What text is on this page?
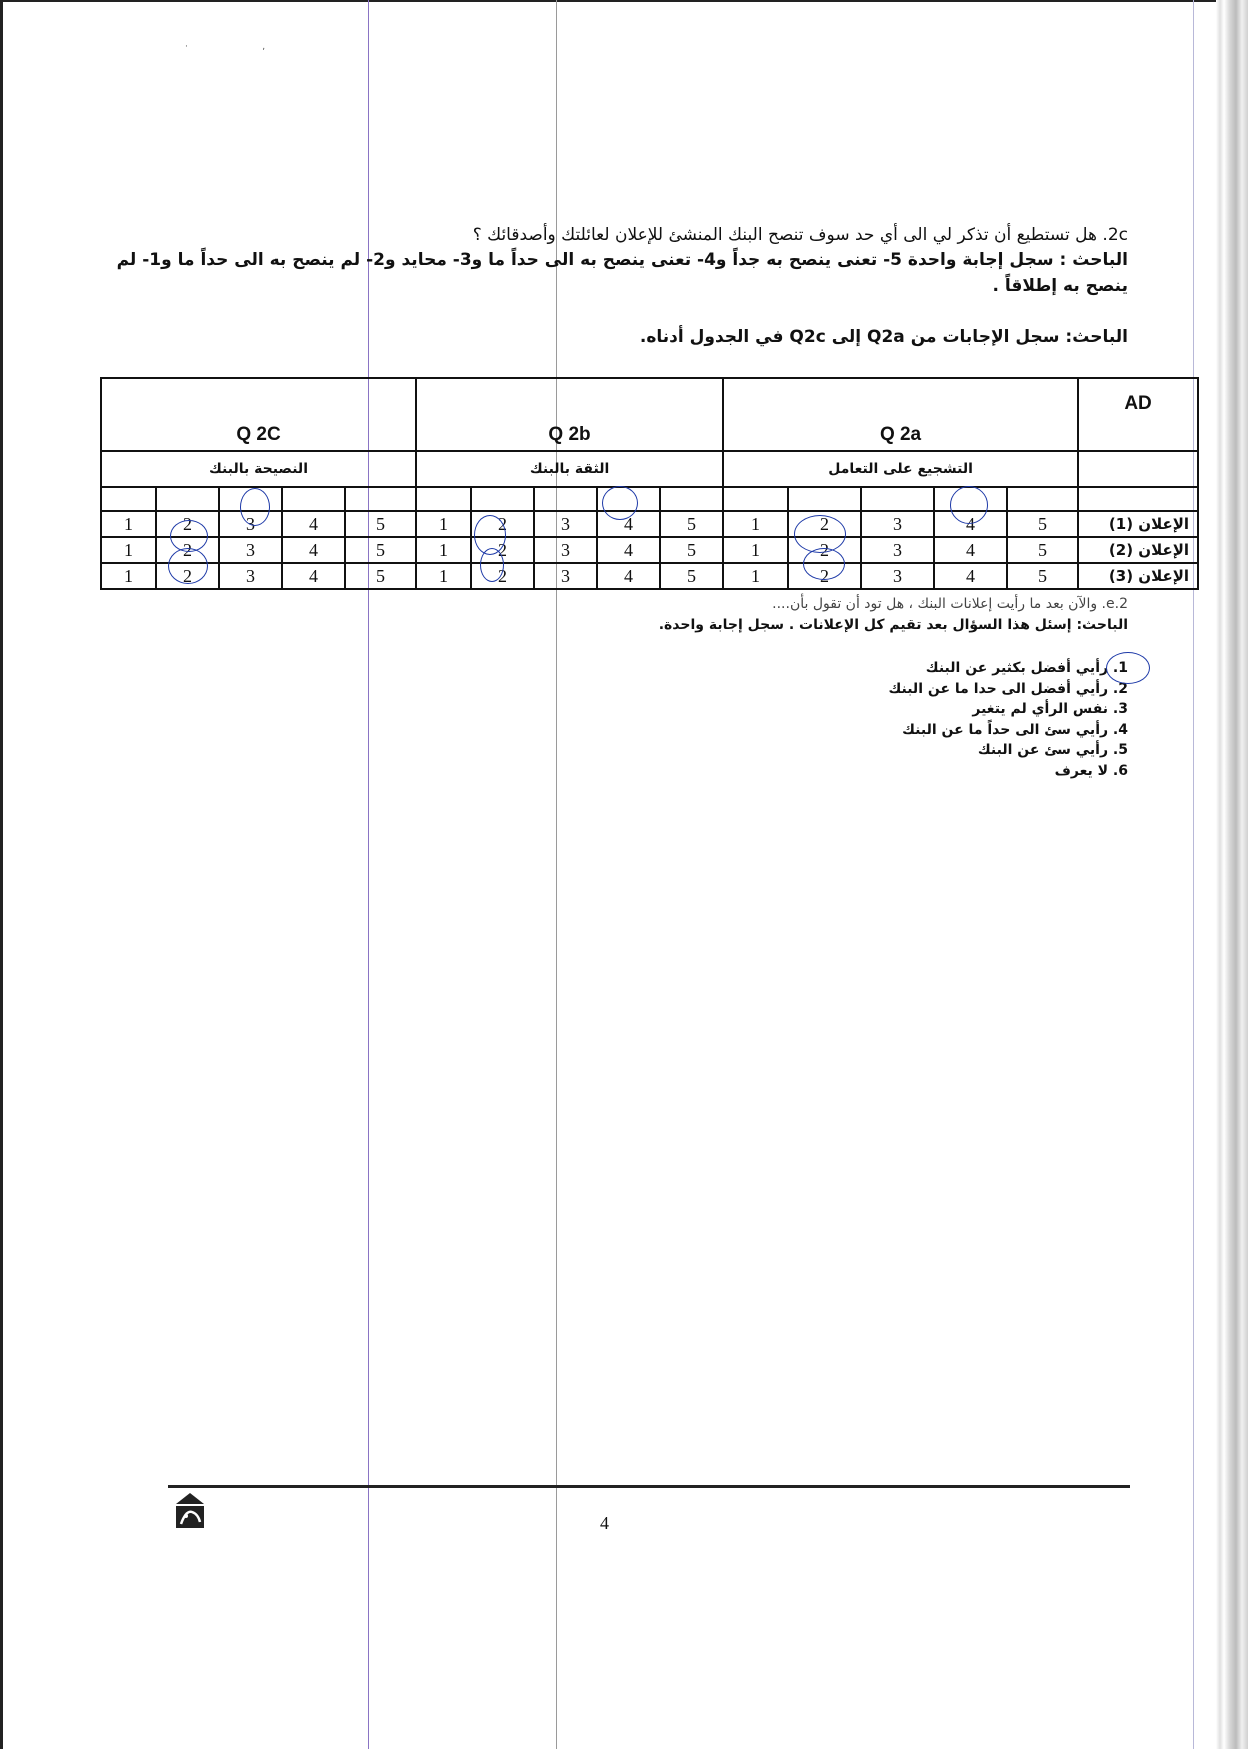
·                          ,
2c. هل تستطيع أن تذكر لي الى أي حد سوف تنصح البنك المنشئ للإعلان لعائلتك وأصدقائك ؟
الباحث : سجل إجابة واحدة 5- تعنى ينصح به جداً و4- تعنى ينصح به الى حداً ما و3- محايد و2- لم ينصح به الى حداً ما و1- لم
ينصح به إطلاقاً .
الباحث: سجل الإجابات من Q2a إلى Q2c في الجدول أدناه.
Q 2C					Q 2b					Q 2a					AD
النصيحة بالبنك					الثقة بالبنك					التشجيع على التعامل					

1	2	3	4	5	1	2	3	4	5	1	2	3	4	5	الإعلان (1)
1	2	3	4	5	1	2	3	4	5	1	2	3	4	5	الإعلان (2)
1	2	3	4	5	1	2	3	4	5	1	2	3	4	5	الإعلان (3)
2.e. والآن بعد ما رأيت إعلانات البنك ، هل تود أن تقول بأن....
الباحث: إسئل هذا السؤال بعد تقيم كل الإعلانات . سجل إجابة واحدة.
1. رأيي أفضل بكثير عن البنك
2. رأيي أفضل الى حدا ما عن البنك
3. نفس الرأي لم يتغير
4. رأيي سئ الى حداً ما عن البنك
5. رأيي سئ عن البنك
6. لا يعرف
4
